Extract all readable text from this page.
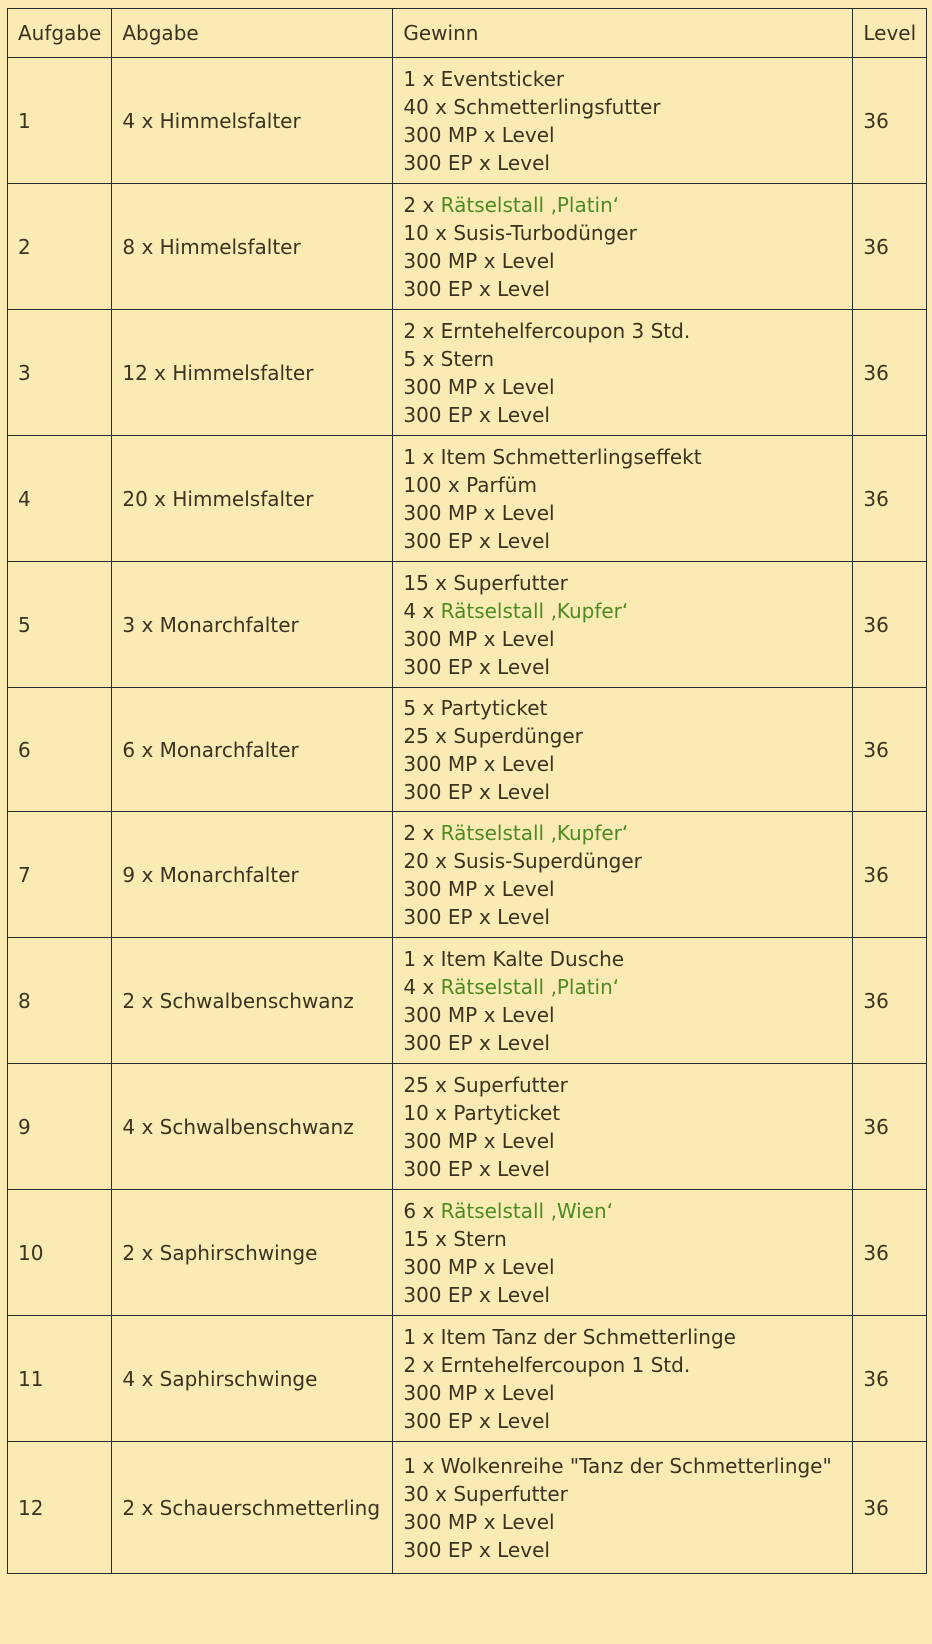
Aufgabe	Abgabe	Gewinn	Level
1	4 x Himmelsfalter	1 x Eventsticker
40 x Schmetterlingsfutter
300 MP x Level
300 EP x Level	36
2	8 x Himmelsfalter	2 x Rätselstall ‚Platin‘
10 x Susis-Turbodünger
300 MP x Level
300 EP x Level	36
3	12 x Himmelsfalter	2 x Erntehelfercoupon 3 Std.
5 x Stern
300 MP x Level
300 EP x Level	36
4	20 x Himmelsfalter	1 x Item Schmetterlingseffekt
100 x Parfüm
300 MP x Level
300 EP x Level	36
5	3 x Monarchfalter	15 x Superfutter
4 x Rätselstall ‚Kupfer‘
300 MP x Level
300 EP x Level	36
6	6 x Monarchfalter	5 x Partyticket
25 x Superdünger
300 MP x Level
300 EP x Level	36
7	9 x Monarchfalter	2 x Rätselstall ‚Kupfer‘
20 x Susis-Superdünger
300 MP x Level
300 EP x Level	36
8	2 x Schwalbenschwanz	1 x Item Kalte Dusche
4 x Rätselstall ‚Platin‘
300 MP x Level
300 EP x Level	36
9	4 x Schwalbenschwanz	25 x Superfutter
10 x Partyticket
300 MP x Level
300 EP x Level	36
10	2 x Saphirschwinge	6 x Rätselstall ‚Wien‘
15 x Stern
300 MP x Level
300 EP x Level	36
11	4 x Saphirschwinge	1 x Item Tanz der Schmetterlinge
2 x Erntehelfercoupon 1 Std.
300 MP x Level
300 EP x Level	36
12	2 x Schauerschmetterling	1 x Wolkenreihe "Tanz der Schmetterlinge"
30 x Superfutter
300 MP x Level
300 EP x Level	36
